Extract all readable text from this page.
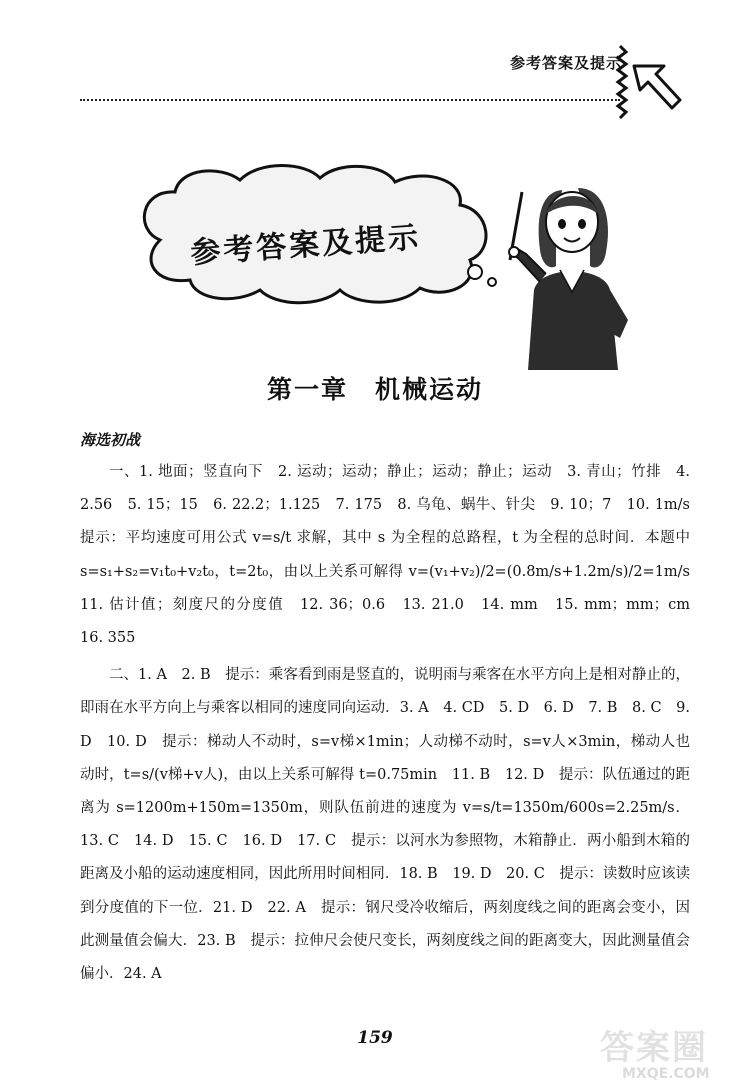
参考答案及提示
参考答案及提示
第一章　机械运动
海选初战

一、1. 地面；竖直向下　2. 运动；运动；静止；运动；静止；运动　3. 青山；竹排　4. 2.56　5. 15；15　6. 22.2；1.125　7. 175　8. 乌龟、蜗牛、针尖　9. 10；7　10. 1m/s　提示：平均速度可用公式 v=s/t 求解，其中 s 为全程的总路程，t 为全程的总时间．本题中 s=s₁+s₂=v₁t₀+v₂t₀，t=2t₀，由以上关系可解得 v=(v₁+v₂)/2=(0.8m/s+1.2m/s)/2=1m/s　11. 估计值；刻度尺的分度值　12. 36；0.6　13. 21.0　14. mm　15. mm；mm；cm　16. 355

二、1. A　2. B　提示：乘客看到雨是竖直的，说明雨与乘客在水平方向上是相对静止的，即雨在水平方向上与乘客以相同的速度同向运动．3. A　4. CD　5. D　6. D　7. B　8. C　9. D　10. D　提示：梯动人不动时，s=v梯×1min；人动梯不动时，s=v人×3min，梯动人也动时，t=s/(v梯+v人)，由以上关系可解得 t=0.75min　11. B　12. D　提示：队伍通过的距离为 s=1200m+150m=1350m，则队伍前进的速度为 v=s/t=1350m/600s=2.25m/s．13. C　14. D　15. C　16. D　17. C　提示：以河水为参照物，木箱静止．两小船到木箱的距离及小船的运动速度相同，因此所用时间相同．18. B　19. D　20. C　提示：读数时应该读到分度值的下一位．21. D　22. A　提示：钢尺受冷收缩后，两刻度线之间的距离会变小，因此测量值会偏大．23. B　提示：拉伸尺会使尺变长，两刻度线之间的距离变大，因此测量值会偏小．24. A

159	答案圈
MXQE.COM
